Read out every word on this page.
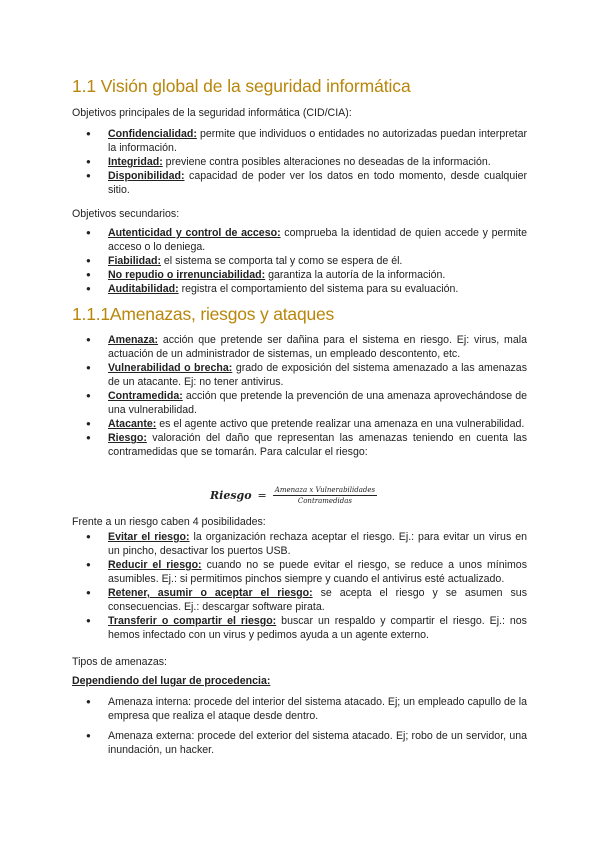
1.1 Visión global de la seguridad informática
Objetivos principales de la seguridad informática (CID/CIA):
● Confidencialidad: permite que individuos o entidades no autorizadas puedan interpretar la información.
● Integridad: previene contra posibles alteraciones no deseadas de la información.
● Disponibilidad: capacidad de poder ver los datos en todo momento, desde cualquier sitio.
Objetivos secundarios:
● Autenticidad y control de acceso: comprueba la identidad de quien accede y permite acceso o lo deniega.
● Fiabilidad: el sistema se comporta tal y como se espera de él.
● No repudio o irrenunciabilidad: garantiza la autoría de la información.
● Auditabilidad: registra el comportamiento del sistema para su evaluación.
1.1.1Amenazas, riesgos y ataques
● Amenaza: acción que pretende ser dañina para el sistema en riesgo. Ej: virus, mala actuación de un administrador de sistemas, un empleado descontento, etc.
● Vulnerabilidad o brecha: grado de exposición del sistema amenazado a las amenazas de un atacante. Ej: no tener antivirus.
● Contramedida: acción que pretende la prevención de una amenaza aprovechándose de una vulnerabilidad.
● Atacante: es el agente activo que pretende realizar una amenaza en una vulnerabilidad.
● Riesgo: valoración del daño que representan las amenazas teniendo en cuenta las contramedidas que se tomarán. Para calcular el riesgo:
Riesgo = $\frac{\text{Amenaza x Vulnerabilidades}}{\text{Contramedidas}}$
Frente a un riesgo caben 4 posibilidades:
● Evitar el riesgo: la organización rechaza aceptar el riesgo. Ej.: para evitar un virus en un pincho, desactivar los puertos USB.
● Reducir el riesgo: cuando no se puede evitar el riesgo, se reduce a unos mínimos asumibles. Ej.: si permitimos pinchos siempre y cuando el antivirus esté actualizado.
● Retener, asumir o aceptar el riesgo: se acepta el riesgo y se asumen sus consecuencias. Ej.: descargar software pirata.
● Transferir o compartir el riesgo: buscar un respaldo y compartir el riesgo. Ej.: nos hemos infectado con un virus y pedimos ayuda a un agente externo.
Tipos de amenazas:
Dependiendo del lugar de procedencia:
● Amenaza interna: procede del interior del sistema atacado. Ej; un empleado capullo de la empresa que realiza el ataque desde dentro.
● Amenaza externa: procede del exterior del sistema atacado. Ej; robo de un servidor, una inundación, un hacker.
